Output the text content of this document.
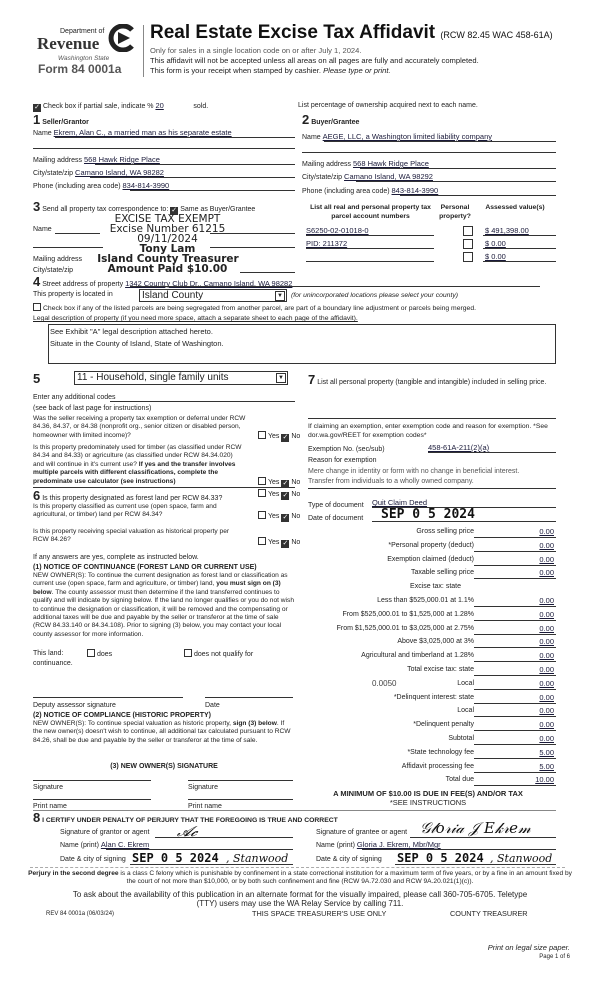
Department of
Revenue
Washington State
Form 84 0001a
Real Estate Excise Tax Affidavit (RCW 82.45 WAC 458-61A)
Only for sales in a single location code on or after July 1, 2024.
This affidavit will not be accepted unless all areas on all pages are fully and accurately completed.
This form is your receipt when stamped by cashier. Please type or print.
✓ Check box if partial sale, indicate % 20	sold.	List percentage of ownership acquired next to each name.
1 Seller/Grantor
Name Ekrem, Alan C., a married man as his separate estate
Mailing address 568 Hawk Ridge Place
City/state/zip Camano Island, WA 98282
Phone (including area code) 834-814-3990
2 Buyer/Grantee
Name AEGE, LLC, a Washington limited liability company
Mailing address 568 Hawk Ridge Place
City/state/zip Camano Island, WA 98292
Phone (including area code) 843-814-3990
3 Send all property tax correspondence to: ✓ Same as Buyer/Grantee
Name
Mailing address
City/state/zip
EXCISE TAX EXEMPT
Excise Number 61215
09/11/2024
Tony Lam
Island County Treasurer
Amount Paid $10.00
List all real and personal property tax parcel account numbers
Personal property?
Assessed value(s)
S6250-02-01018-0	$ 491,398.00
PID: 211372	$ 0.00
$ 0.00
4 Street address of property 1342 Country Club Dr., Camano Island, WA 98282
This property is located in	Island County	▼ (for unincorporated locations please select your county)
Check box if any of the listed parcels are being segregated from another parcel, are part of a boundary line adjustment or parcels being merged.
Legal description of property (if you need more space, attach a separate sheet to each page of the affidavit).
See Exhibit "A" legal description attached hereto.
Situate in the County of Island, State of Washington.
5	11 - Household, single family units	▼
Enter any additional codes
(see back of last page for instructions)
Was the seller receiving a property tax exemption or deferral under RCW 84.36, 84.37, or 84.38 (nonprofit org., senior citizen or disabled person, homeowner with limited income)?	Yes ✓ No
Is this property predominately used for timber (as classified under RCW 84.34 and 84.33) or agriculture (as classified under RCW 84.34.020) and will continue in it's current use? If yes and the transfer involves multiple parcels with different classifications, complete the predominate use calculator (see instructions)	Yes ✓ No
6 Is this property designated as forest land per RCW 84.33?
Yes ✓ No
Is this property classified as current use (open space, farm and agricultural, or timber) land per RCW 84.34?	Yes ✓ No
Is this property receiving special valuation as historical property per RCW 84.26?	Yes ✓ No
If any answers are yes, complete as instructed below.
(1) NOTICE OF CONTINUANCE (FOREST LAND OR CURRENT USE)
NEW OWNER(S): To continue the current designation as forest land or classification as current use (open space, farm and agriculture, or timber) land, you must sign on (3) below. The county assessor must then determine if the land transferred continues to qualify and will indicate by signing below. If the land no longer qualifies or you do not wish to continue the designation or classification, it will be removed and the compensating or additional taxes will be due and payable by the seller or transferor at the time of sale (RCW 84.33.140 or 84.34.108). Prior to signing (3) below, you may contact your local county assessor for more information.
This land:	does	does not qualify for
continuance.
Deputy assessor signature	Date
(2) NOTICE OF COMPLIANCE (HISTORIC PROPERTY)
NEW OWNER(S): To continue special valuation as historic property, sign (3) below. If the new owner(s) doesn't wish to continue, all additional tax calculated pursuant to RCW 84.26, shall be due and payable by the seller or transferor at the time of sale.
(3) NEW OWNER(S) SIGNATURE
Signature	Signature
Print name	Print name
7 List all personal property (tangible and intangible) included in selling price.
If claiming an exemption, enter exemption code and reason for exemption. *See dor.wa.gov/REET for exemption codes*
Exemption No. (sec/sub)	458-61A-211(2)(a)
Reason for exemption
Mere change in identity or form with no change in beneficial interest.
Transfer from individuals to a wholly owned company.
Type of document Quit Claim Deed
Date of document SEP 0 5 2024
Gross selling price	0.00
*Personal property (deduct)	0.00
Exemption claimed (deduct)	0.00
Taxable selling price	0.00
Excise tax: state
Less than $525,000.01 at 1.1%	0.00
From $525,000.01 to $1,525,000 at 1.28%	0.00
From $1,525,000.01 to $3,025,000 at 2.75%	0.00
Above $3,025,000 at 3%	0.00
Agricultural and timberland at 1.28%	0.00
Total excise tax: state	0.00
Local	0.00
0.0050
*Delinquent interest: state	0.00
Local	0.00
*Delinquent penalty	0.00
Subtotal	0.00
*State technology fee	5.00
Affidavit processing fee	5.00
Total due	10.00
A MINIMUM OF $10.00 IS DUE IN FEE(S) AND/OR TAX
*SEE INSTRUCTIONS
8 I CERTIFY UNDER PENALTY OF PERJURY THAT THE FOREGOING IS TRUE AND CORRECT
Signature of grantor or agent 𝓐𝓬
Name (print) Alan C. Ekrem
Date & city of signing SEP 0 5 2024 , Stanwood
Signature of grantee or agent 𝒢𝓁𝑜𝓇𝒾𝒶 𝒥 𝐸𝓀𝓇𝑒𝓂
Name (print) Gloria J. Ekrem, Mbr/Mgr
Date & city of signing SEP 0 5 2024 , Stanwood
Perjury in the second degree is a class C felony which is punishable by confinement in a state correctional institution for a maximum term of five years, or by a fine in an amount fixed by the court of not more than $10,000, or by both such confinement and fine (RCW 9A.72.030 and RCW 9A.20.021(1)(c)).
To ask about the availability of this publication in an alternate format for the visually impaired, please call 360-705-6705. Teletype
(TTY) users may use the WA Relay Service by calling 711.
REV 84 0001a (06/03/24)	THIS SPACE TREASURER'S USE ONLY	COUNTY TREASURER
Print on legal size paper.
Page 1 of 6
